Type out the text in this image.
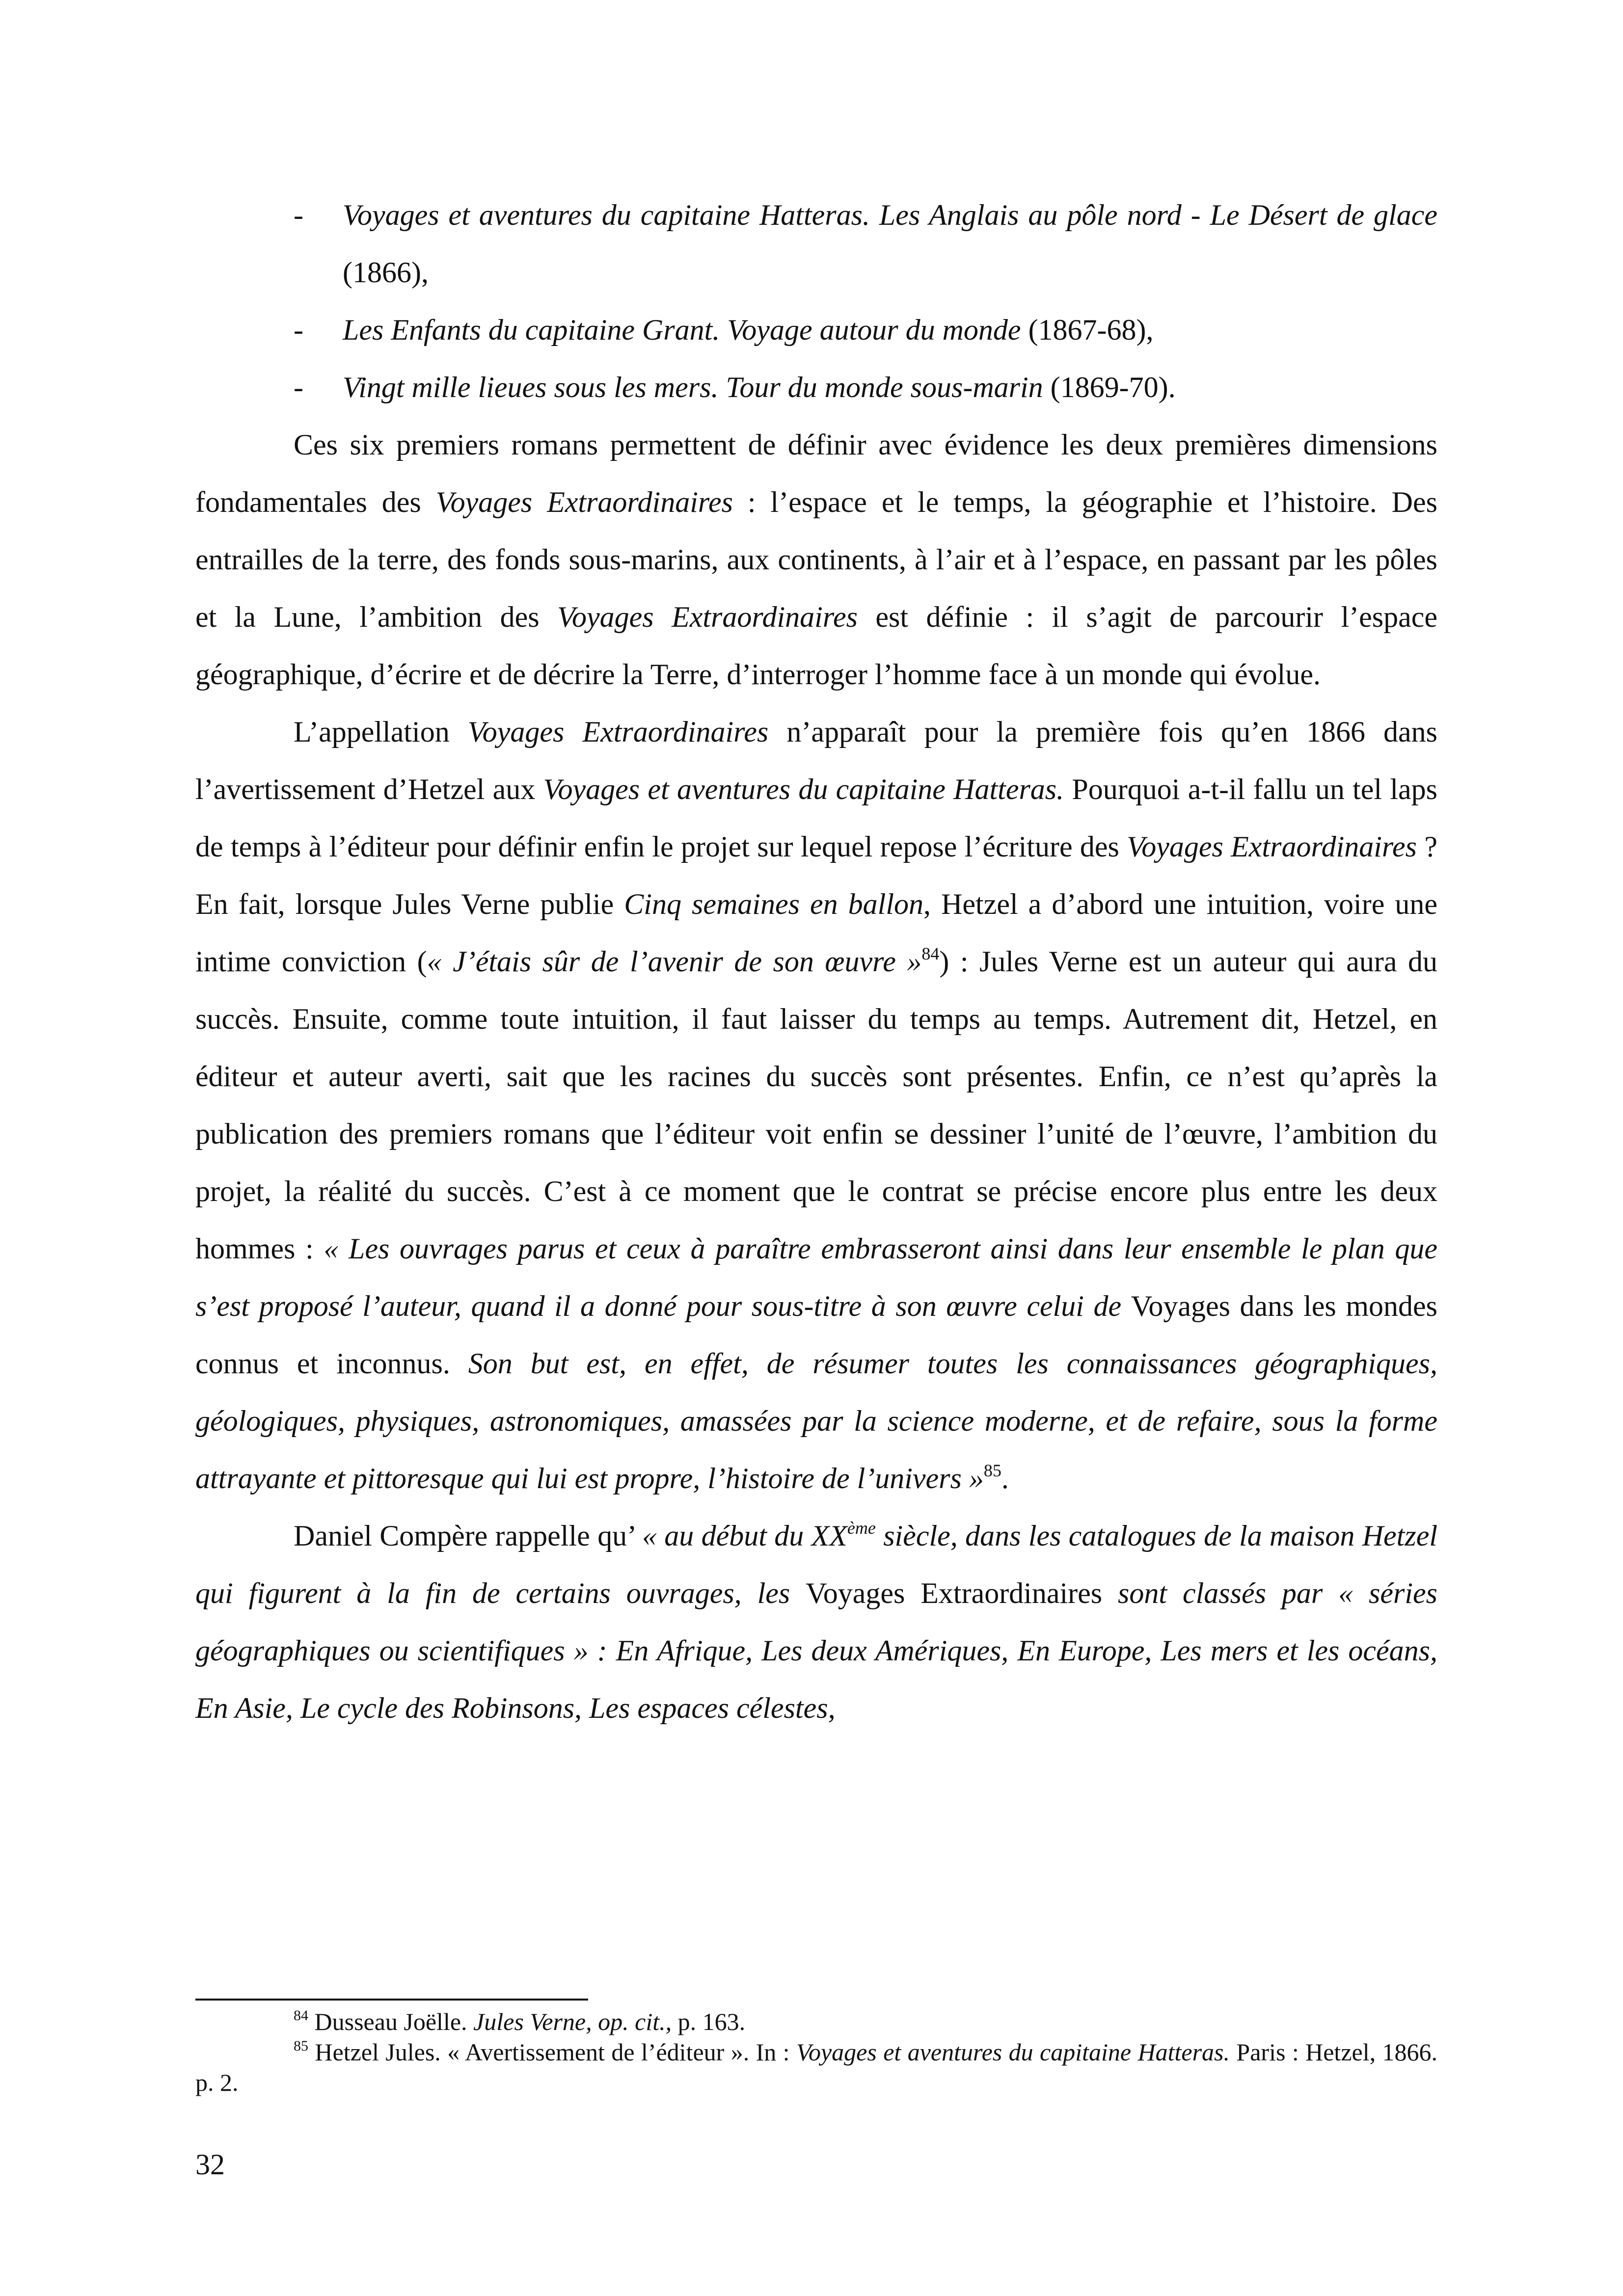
- Voyages et aventures du capitaine Hatteras. Les Anglais au pôle nord - Le Désert de glace (1866),
- Les Enfants du capitaine Grant. Voyage autour du monde (1867-68),
- Vingt mille lieues sous les mers. Tour du monde sous-marin (1869-70).

Ces six premiers romans permettent de définir avec évidence les deux premières dimensions fondamentales des Voyages Extraordinaires : l’espace et le temps, la géographie et l’histoire. Des entrailles de la terre, des fonds sous-marins, aux continents, à l’air et à l’espace, en passant par les pôles et la Lune, l’ambition des Voyages Extraordinaires est définie : il s’agit de parcourir l’espace géographique, d’écrire et de décrire la Terre, d’interroger l’homme face à un monde qui évolue.

L’appellation Voyages Extraordinaires n’apparaît pour la première fois qu’en 1866 dans l’avertissement d’Hetzel aux Voyages et aventures du capitaine Hatteras. Pourquoi a-t-il fallu un tel laps de temps à l’éditeur pour définir enfin le projet sur lequel repose l’écriture des Voyages Extraordinaires ? En fait, lorsque Jules Verne publie Cinq semaines en ballon, Hetzel a d’abord une intuition, voire une intime conviction (« J’étais sûr de l’avenir de son œuvre »$^{84}$) : Jules Verne est un auteur qui aura du succès. Ensuite, comme toute intuition, il faut laisser du temps au temps. Autrement dit, Hetzel, en éditeur et auteur averti, sait que les racines du succès sont présentes. Enfin, ce n’est qu’après la publication des premiers romans que l’éditeur voit enfin se dessiner l’unité de l’œuvre, l’ambition du projet, la réalité du succès. C’est à ce moment que le contrat se précise encore plus entre les deux hommes : « Les ouvrages parus et ceux à paraître embrasseront ainsi dans leur ensemble le plan que s’est proposé l’auteur, quand il a donné pour sous-titre à son œuvre celui de Voyages dans les mondes connus et inconnus. Son but est, en effet, de résumer toutes les connaissances géographiques, géologiques, physiques, astronomiques, amassées par la science moderne, et de refaire, sous la forme attrayante et pittoresque qui lui est propre, l’histoire de l’univers »$^{85}$.

Daniel Compère rappelle qu’ « au début du XXème siècle, dans les catalogues de la maison Hetzel qui figurent à la fin de certains ouvrages, les Voyages Extraordinaires sont classés par « séries géographiques ou scientifiques » : En Afrique, Les deux Amériques, En Europe, Les mers et les océans, En Asie, Le cycle des Robinsons, Les espaces célestes,

$^{84}$ Dusseau Joëlle. Jules Verne, op. cit., p. 163.

$^{85}$ Hetzel Jules. « Avertissement de l’éditeur ». In : Voyages et aventures du capitaine Hatteras. Paris : Hetzel, 1866. p. 2.

32
